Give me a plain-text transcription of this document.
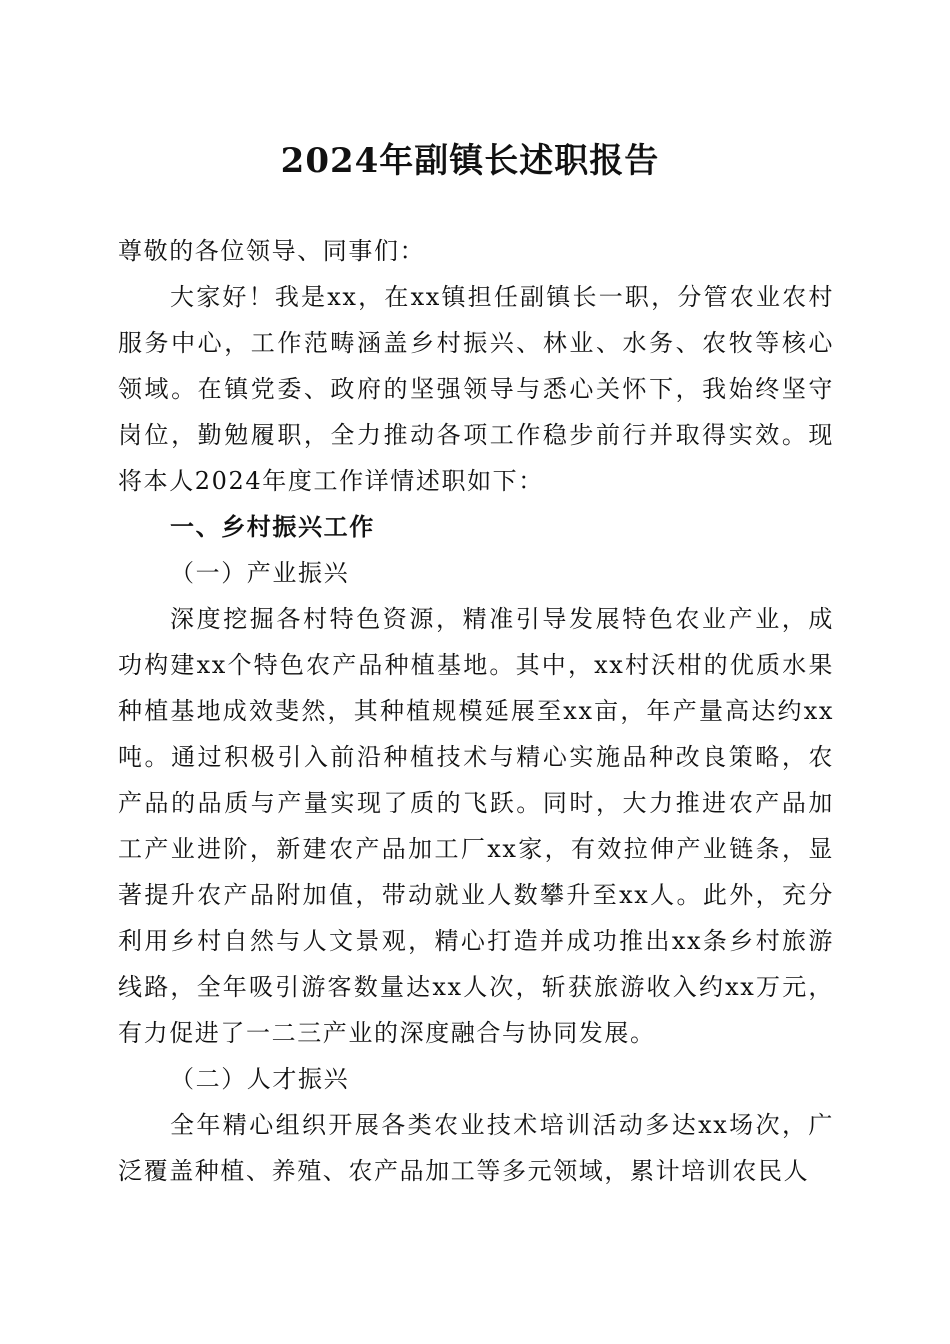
2024年副镇长述职报告

尊敬的各位领导、同事们：

大家好！我是xx，在xx镇担任副镇长一职，分管农业农村服务中心，工作范畴涵盖乡村振兴、林业、水务、农牧等核心领域。在镇党委、政府的坚强领导与悉心关怀下，我始终坚守岗位，勤勉履职，全力推动各项工作稳步前行并取得实效。现将本人2024年度工作详情述职如下：

一、乡村振兴工作

（一）产业振兴

深度挖掘各村特色资源，精准引导发展特色农业产业，成功构建xx个特色农产品种植基地。其中，xx村沃柑的优质水果种植基地成效斐然，其种植规模延展至xx亩，年产量高达约xx吨。通过积极引入前沿种植技术与精心实施品种改良策略，农产品的品质与产量实现了质的飞跃。同时，大力推进农产品加工产业进阶，新建农产品加工厂xx家，有效拉伸产业链条，显著提升农产品附加值，带动就业人数攀升至xx人。此外，充分利用乡村自然与人文景观，精心打造并成功推出xx条乡村旅游线路，全年吸引游客数量达xx人次，斩获旅游收入约xx万元，有力促进了一二三产业的深度融合与协同发展。

（二）人才振兴

全年精心组织开展各类农业技术培训活动多达xx场次，广泛覆盖种植、养殖、农产品加工等多元领域，累计培训农民人
